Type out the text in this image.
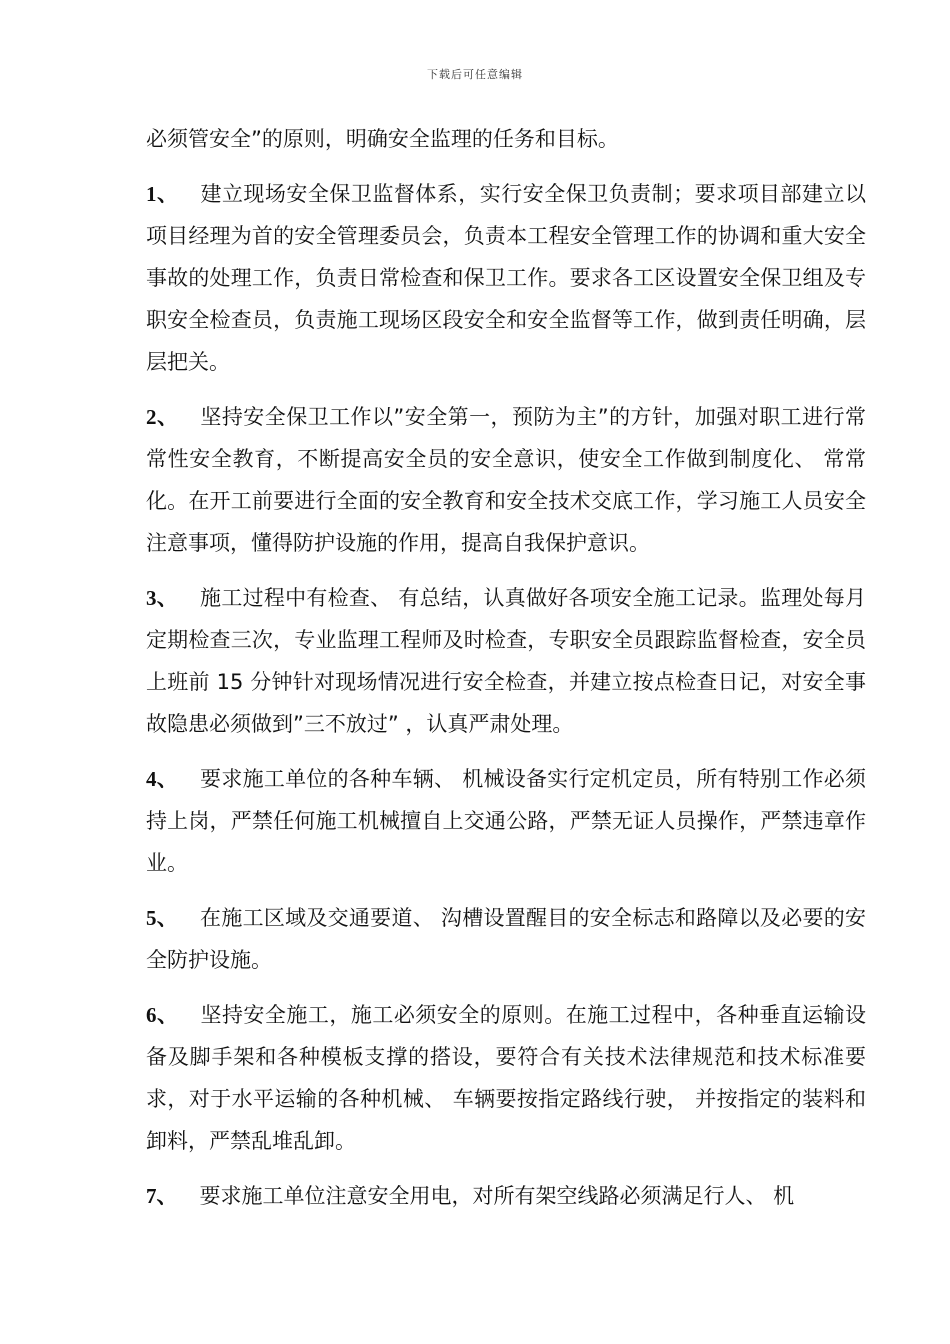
下载后可任意编辑

必须管安全”的原则，明确安全监理的任务和目标。

1、 建立现场安全保卫监督体系，实行安全保卫负责制；要求项目部建立以项目经理为首的安全管理委员会，负责本工程安全管理工作的协调和重大安全事故的处理工作，负责日常检查和保卫工作。要求各工区设置安全保卫组及专职安全检查员，负责施工现场区段安全和安全监督等工作，做到责任明确，层层把关。

2、 坚持安全保卫工作以”安全第一，预防为主”的方针，加强对职工进行常常性安全教育，不断提高安全员的安全意识，使安全工作做到制度化、 常常化。在开工前要进行全面的安全教育和安全技术交底工作，学习施工人员安全注意事项，懂得防护设施的作用，提高自我保护意识。

3、 施工过程中有检查、 有总结，认真做好各项安全施工记录。监理处每月定期检查三次，专业监理工程师及时检查，专职安全员跟踪监督检查，安全员上班前 15 分钟针对现场情况进行安全检查，并建立按点检查日记，对安全事故隐患必须做到”三不放过” ，认真严肃处理。

4、 要求施工单位的各种车辆、 机械设备实行定机定员，所有特别工作必须持上岗，严禁任何施工机械擅自上交通公路，严禁无证人员操作，严禁违章作业。

5、 在施工区域及交通要道、 沟槽设置醒目的安全标志和路障以及必要的安全防护设施。

6、 坚持安全施工，施工必须安全的原则。在施工过程中，各种垂直运输设备及脚手架和各种模板支撑的搭设，要符合有关技术法律规范和技术标准要求，对于水平运输的各种机械、 车辆要按指定路线行驶， 并按指定的装料和卸料，严禁乱堆乱卸。

7、 要求施工单位注意安全用电，对所有架空线路必须满足行人、 机
